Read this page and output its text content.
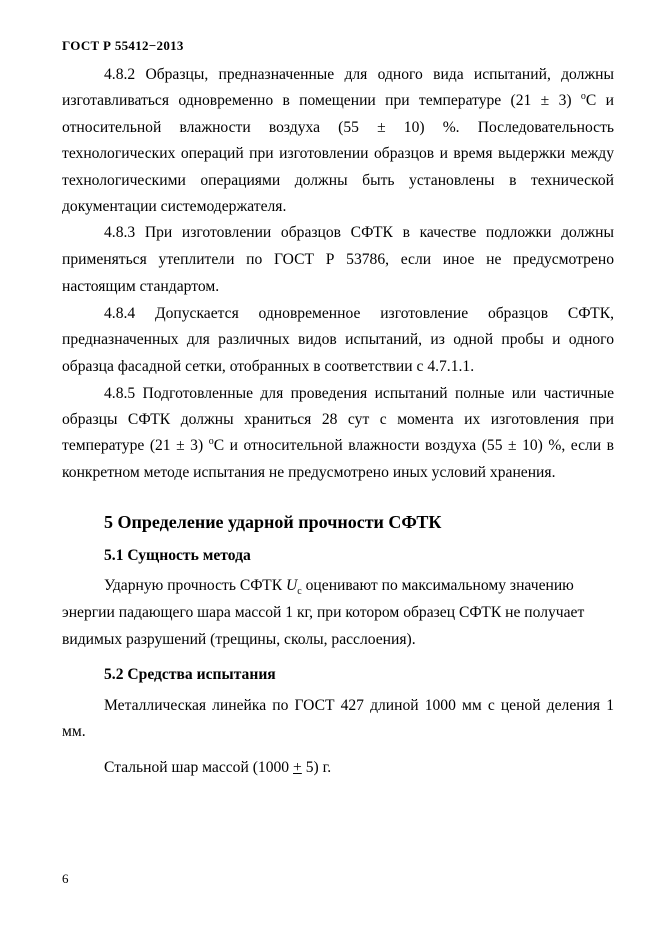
ГОСТ Р 55412−2013

4.8.2 Образцы, предназначенные для одного вида испытаний, должны изготавливаться одновременно в помещении при температуре (21 ± 3) $^о$С и относительной влажности воздуха (55 ± 10) %. Последовательность технологических операций при изготовлении образцов и время выдержки между технологическими операциями должны быть установлены в технической документации системодержателя.

4.8.3 При изготовлении образцов СФТК в качестве подложки должны применяться утеплители по ГОСТ Р 53786, если иное не предусмотрено настоящим стандартом.

4.8.4 Допускается одновременное изготовление образцов СФТК, предназначенных для различных видов испытаний, из одной пробы и одного образца фасадной сетки, отобранных в соответствии с 4.7.1.1.

4.8.5 Подготовленные для проведения испытаний полные или частичные образцы СФТК должны храниться 28 сут с момента их изготовления при температуре (21 ± 3) $^о$С и относительной влажности воздуха (55 ± 10) %, если в конкретном методе испытания не предусмотрено иных условий хранения.

5 Определение ударной прочности СФТК
5.1 Сущность метода

Ударную прочность СФТК $U_c$ оценивают по максимальному значению энергии падающего шара массой 1 кг, при котором образец СФТК не получает видимых разрушений (трещины, сколы, расслоения).

5.2 Средства испытания

Металлическая линейка по ГОСТ 427 длиной 1000 мм с ценой деления 1 мм.

Стальной шар массой (1000 + 5) г.

6
